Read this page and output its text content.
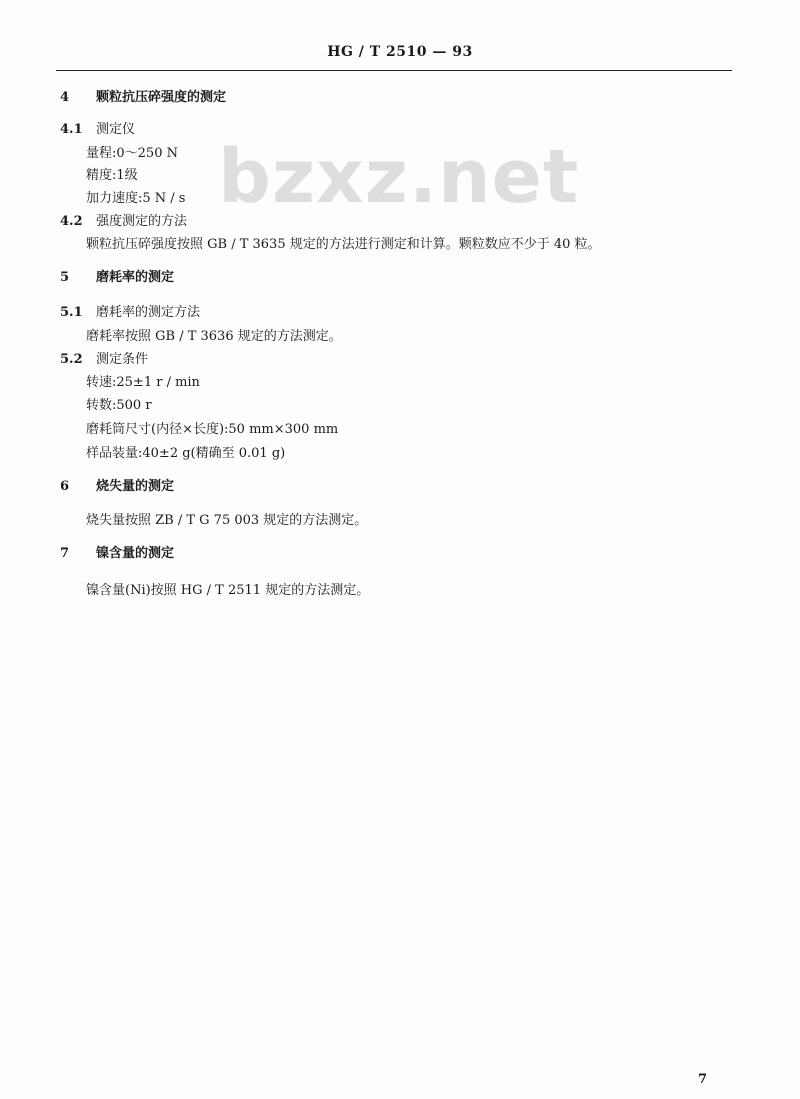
HG / T 2510 — 93
bzxz.net
4 颗粒抗压碎强度的测定
4.1 测定仪
量程:0～250 N
精度:1级
加力速度:5 N / s
4.2 强度测定的方法
颗粒抗压碎强度按照 GB / T 3635 规定的方法进行测定和计算。颗粒数应不少于 40 粒。
5 磨耗率的测定
5.1 磨耗率的测定方法
磨耗率按照 GB / T 3636 规定的方法测定。
5.2 测定条件
转速:25±1 r / min
转数:500 r
磨耗筒尺寸(内径×长度):50 mm×300 mm
样品装量:40±2 g(精确至 0.01 g)
6 烧失量的测定
烧失量按照 ZB / T G 75 003 规定的方法测定。
7 镍含量的测定
镍含量(Ni)按照 HG / T 2511 规定的方法测定。
7
